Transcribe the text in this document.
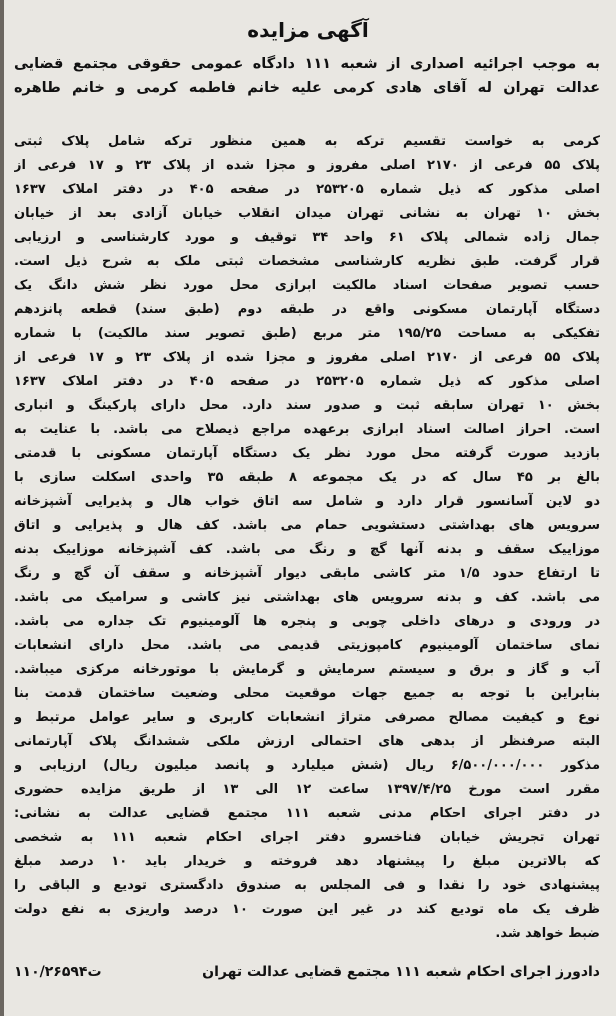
آگهی مزایده
به موجب اجرائیه اصداری از شعبه ۱۱۱ دادگاه عمومی حقوقی مجتمع قضایی
عدالت تهران له آقای هادی کرمی علیه خانم فاطمه کرمی و خانم طاهره
کرمی به خواست تقسیم ترکه به همین منظور ترکه شامل پلاک ثبتی
پلاک ۵۵ فرعی از ۲۱۷۰ اصلی مفروز و مجزا شده از پلاک ۲۳ و ۱۷ فرعی از
اصلی مذکور که ذیل شماره ۲۵۳۲۰۵ در صفحه ۴۰۵ در دفتر املاک ۱۶۳۷
بخش ۱۰ تهران به نشانی تهران میدان انقلاب خیابان آزادی بعد از خیابان
جمال زاده شمالی پلاک ۶۱ واحد ۳۴ توقیف و مورد کارشناسی و ارزیابی
قرار گرفت. طبق نظریه کارشناسی مشخصات ثبتی ملک به شرح ذیل است.
حسب تصویر صفحات اسناد مالکیت ابرازی محل مورد نظر شش دانگ یک
دستگاه آپارتمان مسکونی واقع در طبقه دوم (طبق سند) قطعه پانزدهم
تفکیکی به مساحت ۱۹۵/۲۵ متر مربع (طبق تصویر سند مالکیت) با شماره
پلاک ۵۵ فرعی از ۲۱۷۰ اصلی مفروز و مجزا شده از پلاک ۲۳ و ۱۷ فرعی از
اصلی مذکور که ذیل شماره ۲۵۳۲۰۵ در صفحه ۴۰۵ در دفتر املاک ۱۶۳۷
بخش ۱۰ تهران سابقه ثبت و صدور سند دارد. محل دارای پارکینگ و انباری
است. احراز اصالت اسناد ابرازی برعهده مراجع ذیصلاح می باشد. با عنایت به
بازدید صورت گرفته محل مورد نظر یک دستگاه آپارتمان مسکونی با قدمتی
بالغ بر ۴۵ سال که در یک مجموعه ۸ طبقه ۳۵ واحدی اسکلت سازی با
دو لاین آسانسور قرار دارد و شامل سه اتاق خواب هال و پذیرایی آشپزخانه
سرویس های بهداشتی دستشویی حمام می باشد. کف هال و پذیرایی و اتاق
موزاییک سقف و بدنه آنها گچ و رنگ می باشد. کف آشپزخانه موزاییک بدنه
تا ارتفاع حدود ۱/۵ متر کاشی مابقی دیوار آشپزخانه و سقف آن گچ و رنگ
می باشد. کف و بدنه سرویس های بهداشتی نیز کاشی و سرامیک می باشد.
در ورودی و درهای داخلی چوبی و پنجره ها آلومینیوم تک جداره می باشد.
نمای ساختمان آلومینیوم کامپوزیتی قدیمی می باشد. محل دارای انشعابات
آب و گاز و برق و سیستم سرمایش و گرمایش با موتورخانه مرکزی میباشد.
بنابراین با توجه به جمیع جهات موقعیت محلی وضعیت ساختمان قدمت بنا
نوع و کیفیت مصالح مصرفی متراژ انشعابات کاربری و سایر عوامل مرتبط و
البته صرفنظر از بدهی های احتمالی ارزش ملکی ششدانگ پلاک آپارتمانی
مذکور ۶/۵۰۰/۰۰۰/۰۰۰ ریال (شش میلیارد و پانصد میلیون ریال) ارزیابی و
مقرر است مورخ ۱۳۹۷/۴/۲۵ ساعت ۱۲ الی ۱۳ از طریق مزایده حضوری
در دفتر اجرای احکام مدنی شعبه ۱۱۱ مجتمع قضایی عدالت به نشانی:
تهران تجریش خیابان فناخسرو دفتر اجرای احکام شعبه ۱۱۱ به شخصی
که بالاترین مبلغ را پیشنهاد دهد فروخته و خریدار باید ۱۰ درصد مبلغ
پیشنهادی خود را نقدا و فی المجلس به صندوق دادگستری تودیع و الباقی را
ظرف یک ماه تودیع کند در غیر این صورت ۱۰ درصد واریزی به نفع دولت
ضبط خواهد شد.
دادورز اجرای احکام شعبه ۱۱۱ مجتمع قضایی عدالت تهران
۱۱۰/۲۶۵۹۴ت
